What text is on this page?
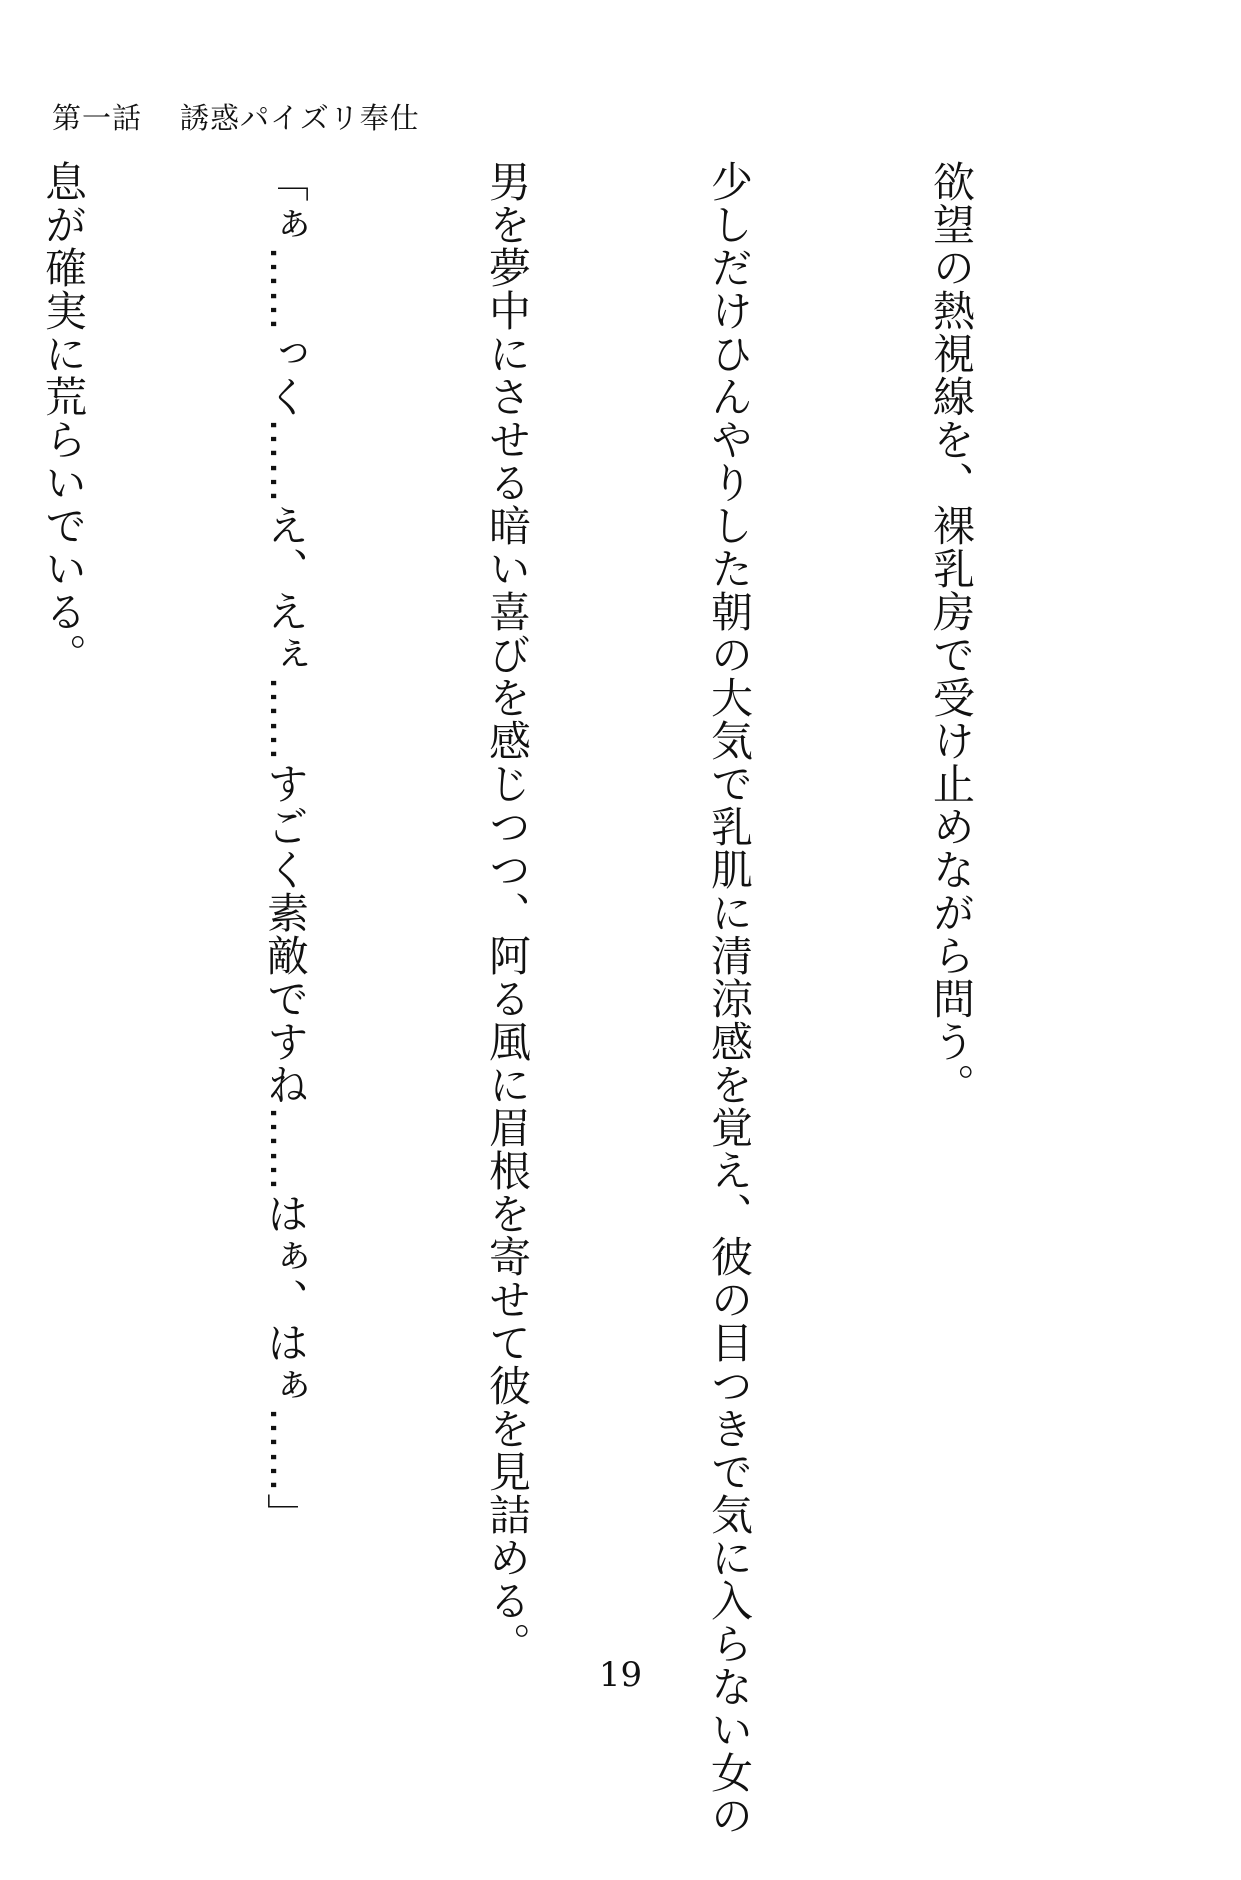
第一話 誘惑パイズリ奉仕

欲望の熱視線を、裸乳房で受け止めながら問う。

少しだけひんやりした朝の大気で乳肌に清涼感を覚え、彼の目つきで気に入らない女の

男を夢中にさせる暗い喜びを感じつつ、阿る風に眉根を寄せて彼を見詰める。

「ぁ……っく……え、えぇ……すごく素敵ですね……はぁ、はぁ……」

息が確実に荒らいでいる。

19
